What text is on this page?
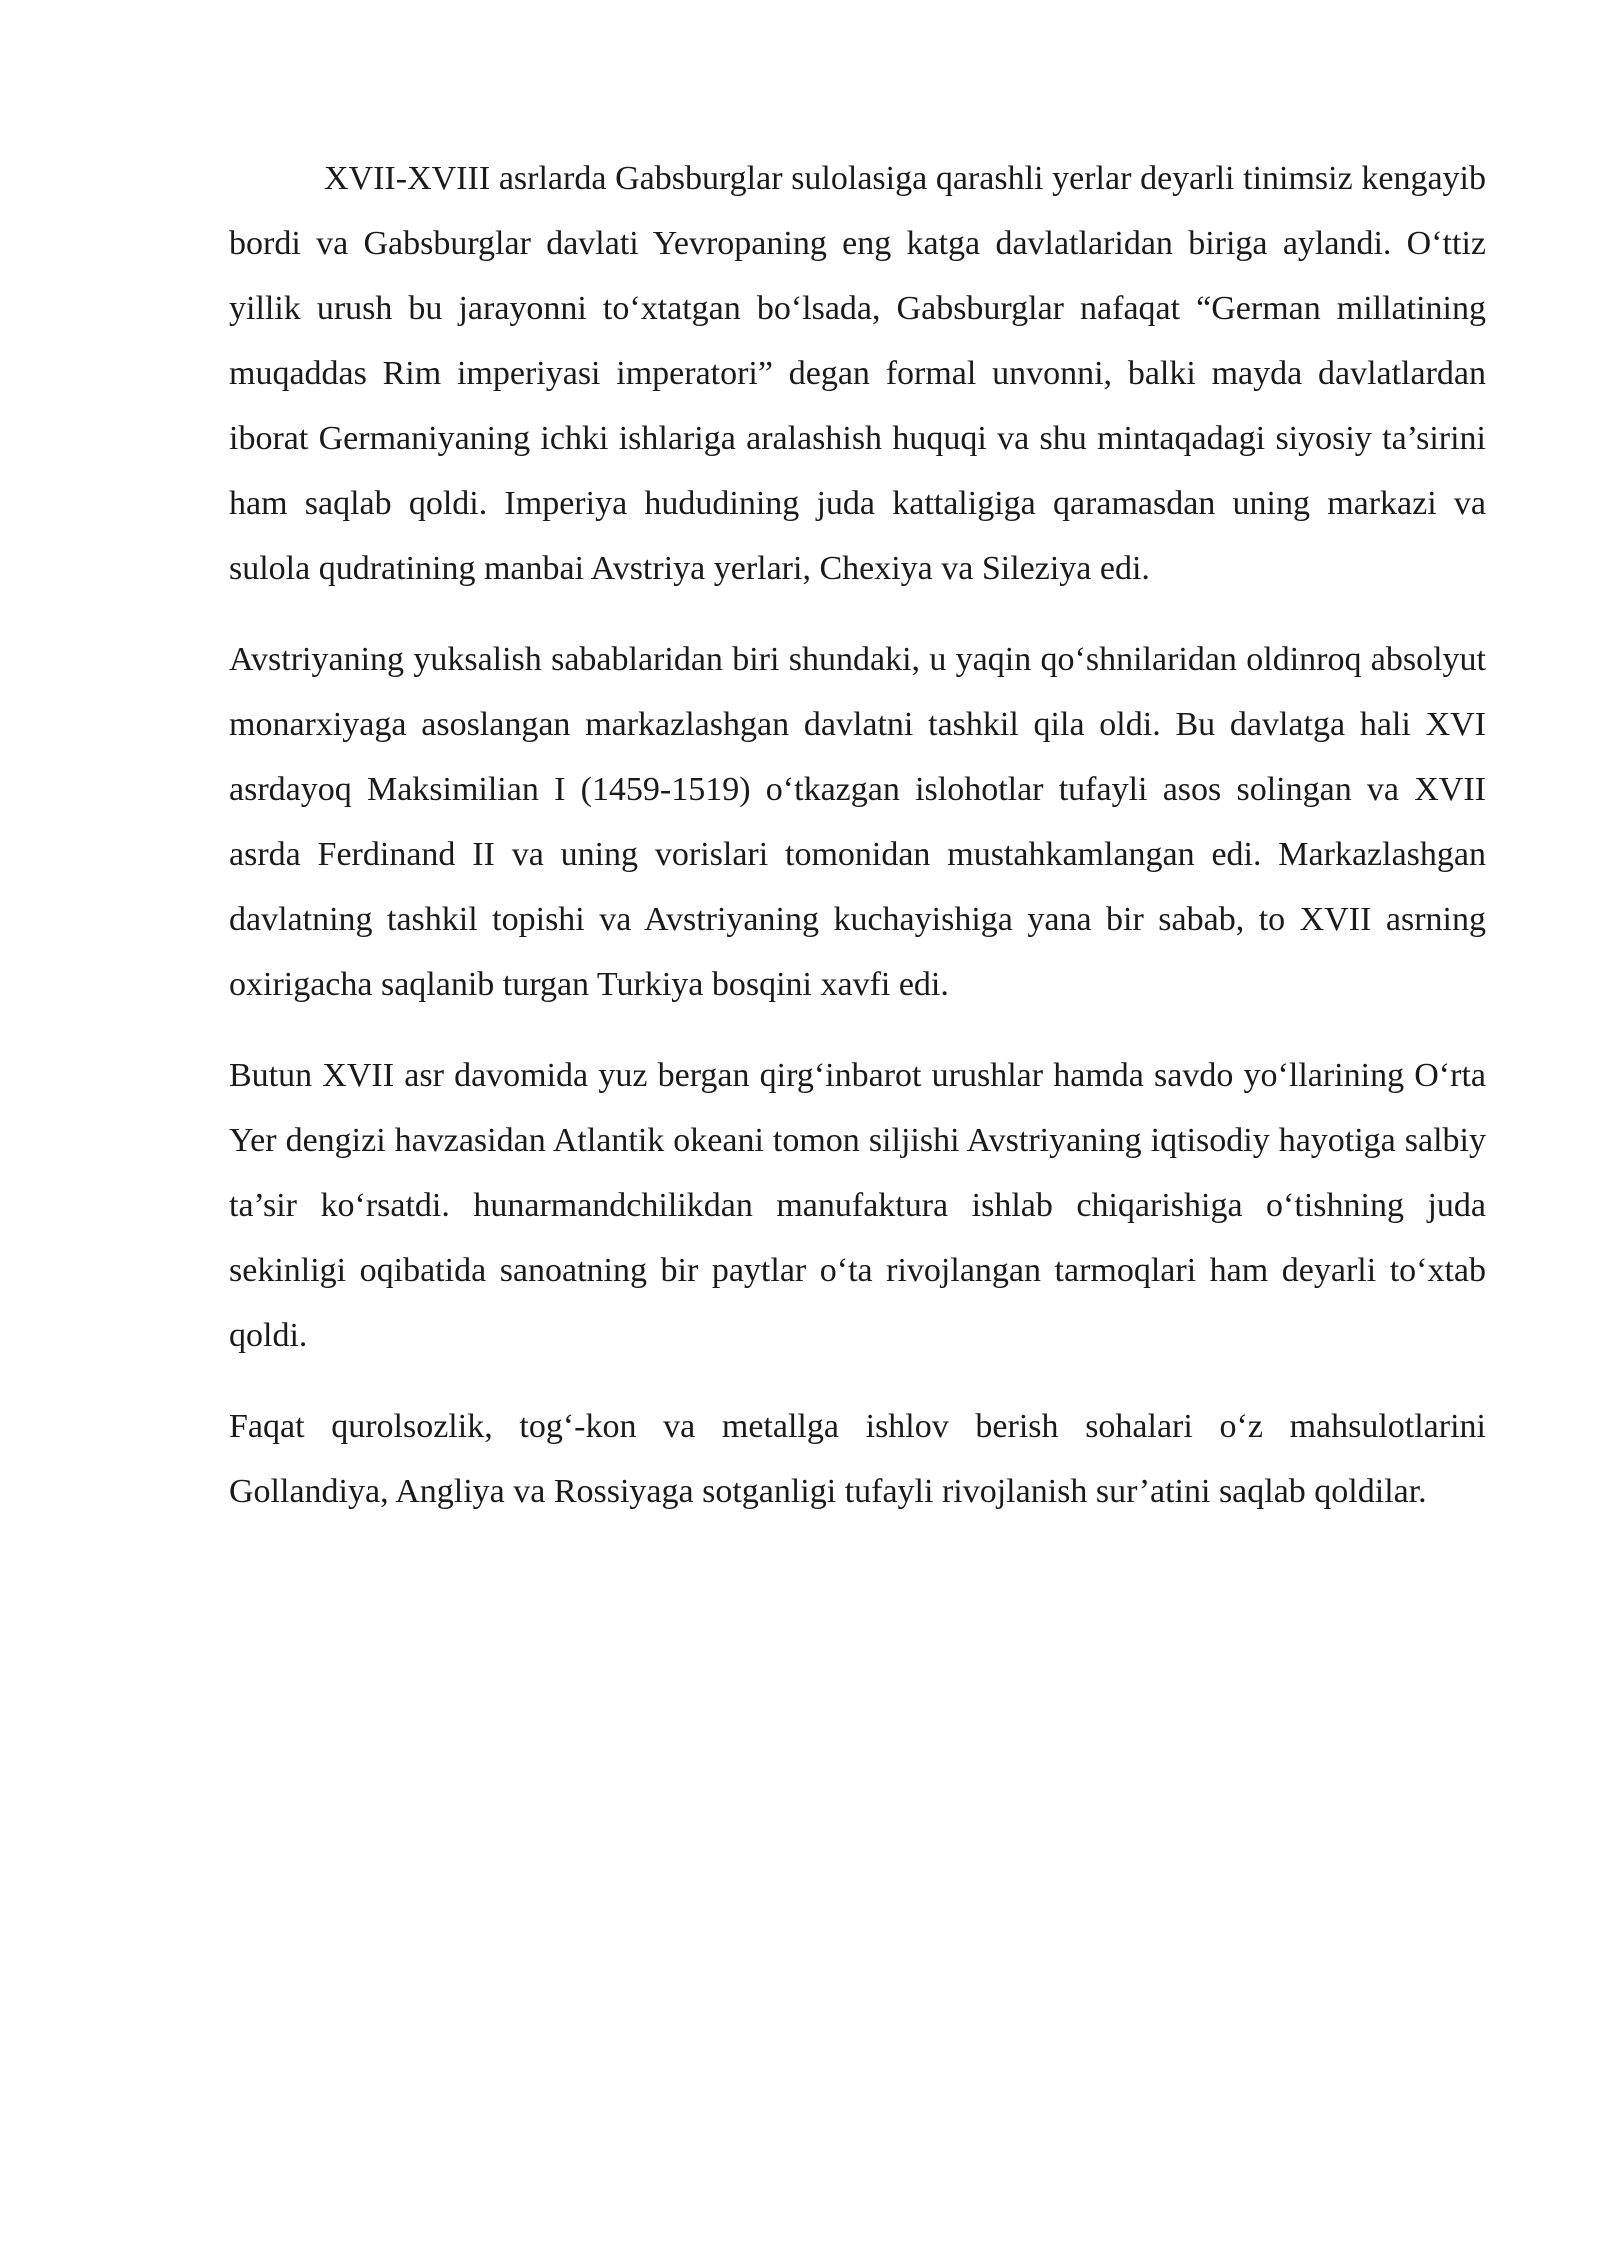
XVII-XVIII asrlarda Gabsburglar sulolasiga qarashli yerlar deyarli tinimsiz kengayib bordi va Gabsburglar davlati Yevropaning eng katga davlatlaridan biriga aylandi. O‘ttiz yillik urush bu jarayonni to‘xtatgan bo‘lsada, Gabsburglar nafaqat “German millatining muqaddas Rim imperiyasi imperatori” degan formal unvonni, balki mayda davlatlardan iborat Germaniyaning ichki ishlariga aralashish huquqi va shu mintaqadagi siyosiy ta’sirini ham saqlab qoldi. Imperiya hududining juda kattaligiga qaramasdan uning markazi va sulola qudratining manbai Avstriya yerlari, Chexiya va Sileziya edi.

Avstriyaning yuksalish sabablaridan biri shundaki, u yaqin qo‘shnilaridan oldinroq absolyut monarxiyaga asoslangan markazlashgan davlatni tashkil qila oldi. Bu davlatga hali XVI asrdayoq Maksimilian I (1459-1519) o‘tkazgan islohotlar tufayli asos solingan va XVII asrda Ferdinand II va uning vorislari tomonidan mustahkamlangan edi. Markazlashgan davlatning tashkil topishi va Avstriyaning kuchayishiga yana bir sabab, to XVII asrning oxirigacha saqlanib turgan Turkiya bosqini xavfi edi.

Butun XVII asr davomida yuz bergan qirg‘inbarot urushlar hamda savdo yo‘llarining O‘rta Yer dengizi havzasidan Atlantik okeani tomon siljishi Avstriyaning iqtisodiy hayotiga salbiy ta’sir ko‘rsatdi. hunarmandchilikdan manufaktura ishlab chiqarishiga o‘tishning juda sekinligi oqibatida sanoatning bir paytlar o‘ta rivojlangan tarmoqlari ham deyarli to‘xtab qoldi.

Faqat qurolsozlik, tog‘-kon va metallga ishlov berish sohalari o‘z mahsulotlarini Gollandiya, Angliya va Rossiyaga sotganligi tufayli rivojlanish sur’atini saqlab qoldilar.
